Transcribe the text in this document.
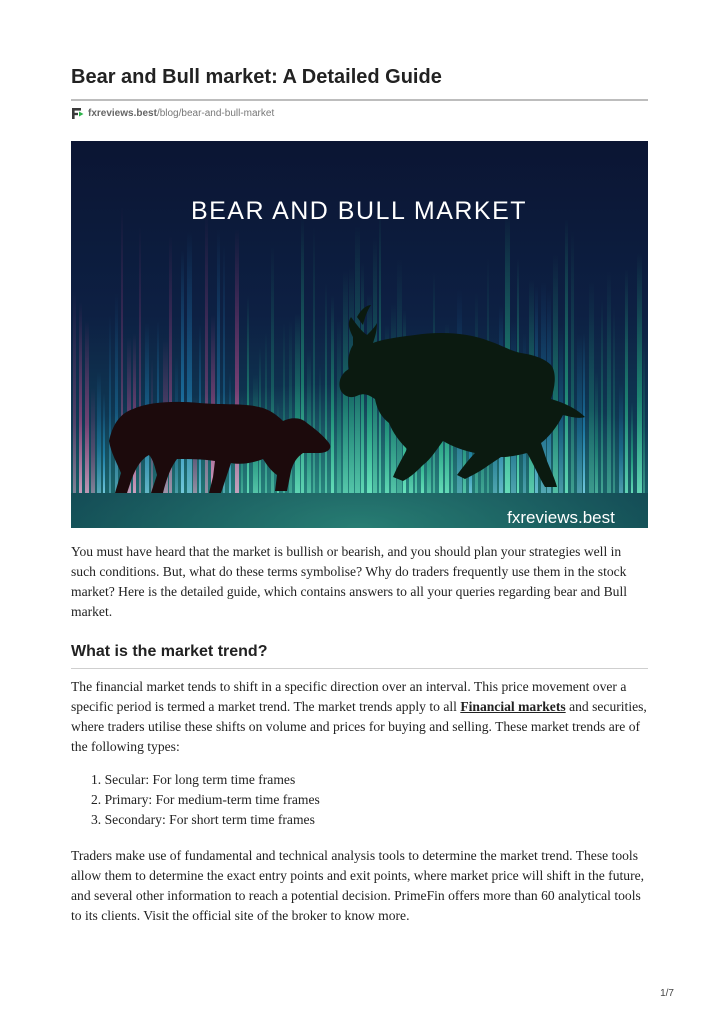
Bear and Bull market: A Detailed Guide
fxreviews.best /blog/bear-and-bull-market
BEAR AND BULL MARKET
fxreviews.best

You must have heard that the market is bullish or bearish, and you should plan your strategies well in such conditions. But, what do these terms symbolise? Why do traders frequently use them in the stock market? Here is the detailed guide, which contains answers to all your queries regarding bear and Bull market.

What is the market trend?

The financial market tends to shift in a specific direction over an interval. This price movement over a specific period is termed a market trend. The market trends apply to all Financial markets and securities, where traders utilise these shifts on volume and prices for buying and selling. These market trends are of the following types:

1. Secular: For long term time frames
2. Primary: For medium-term time frames
3. Secondary: For short term time frames

Traders make use of fundamental and technical analysis tools to determine the market trend. These tools allow them to determine the exact entry points and exit points, where market price will shift in the future, and several other information to reach a potential decision. PrimeFin offers more than 60 analytical tools to its clients. Visit the official site of the broker to know more.

1/7
